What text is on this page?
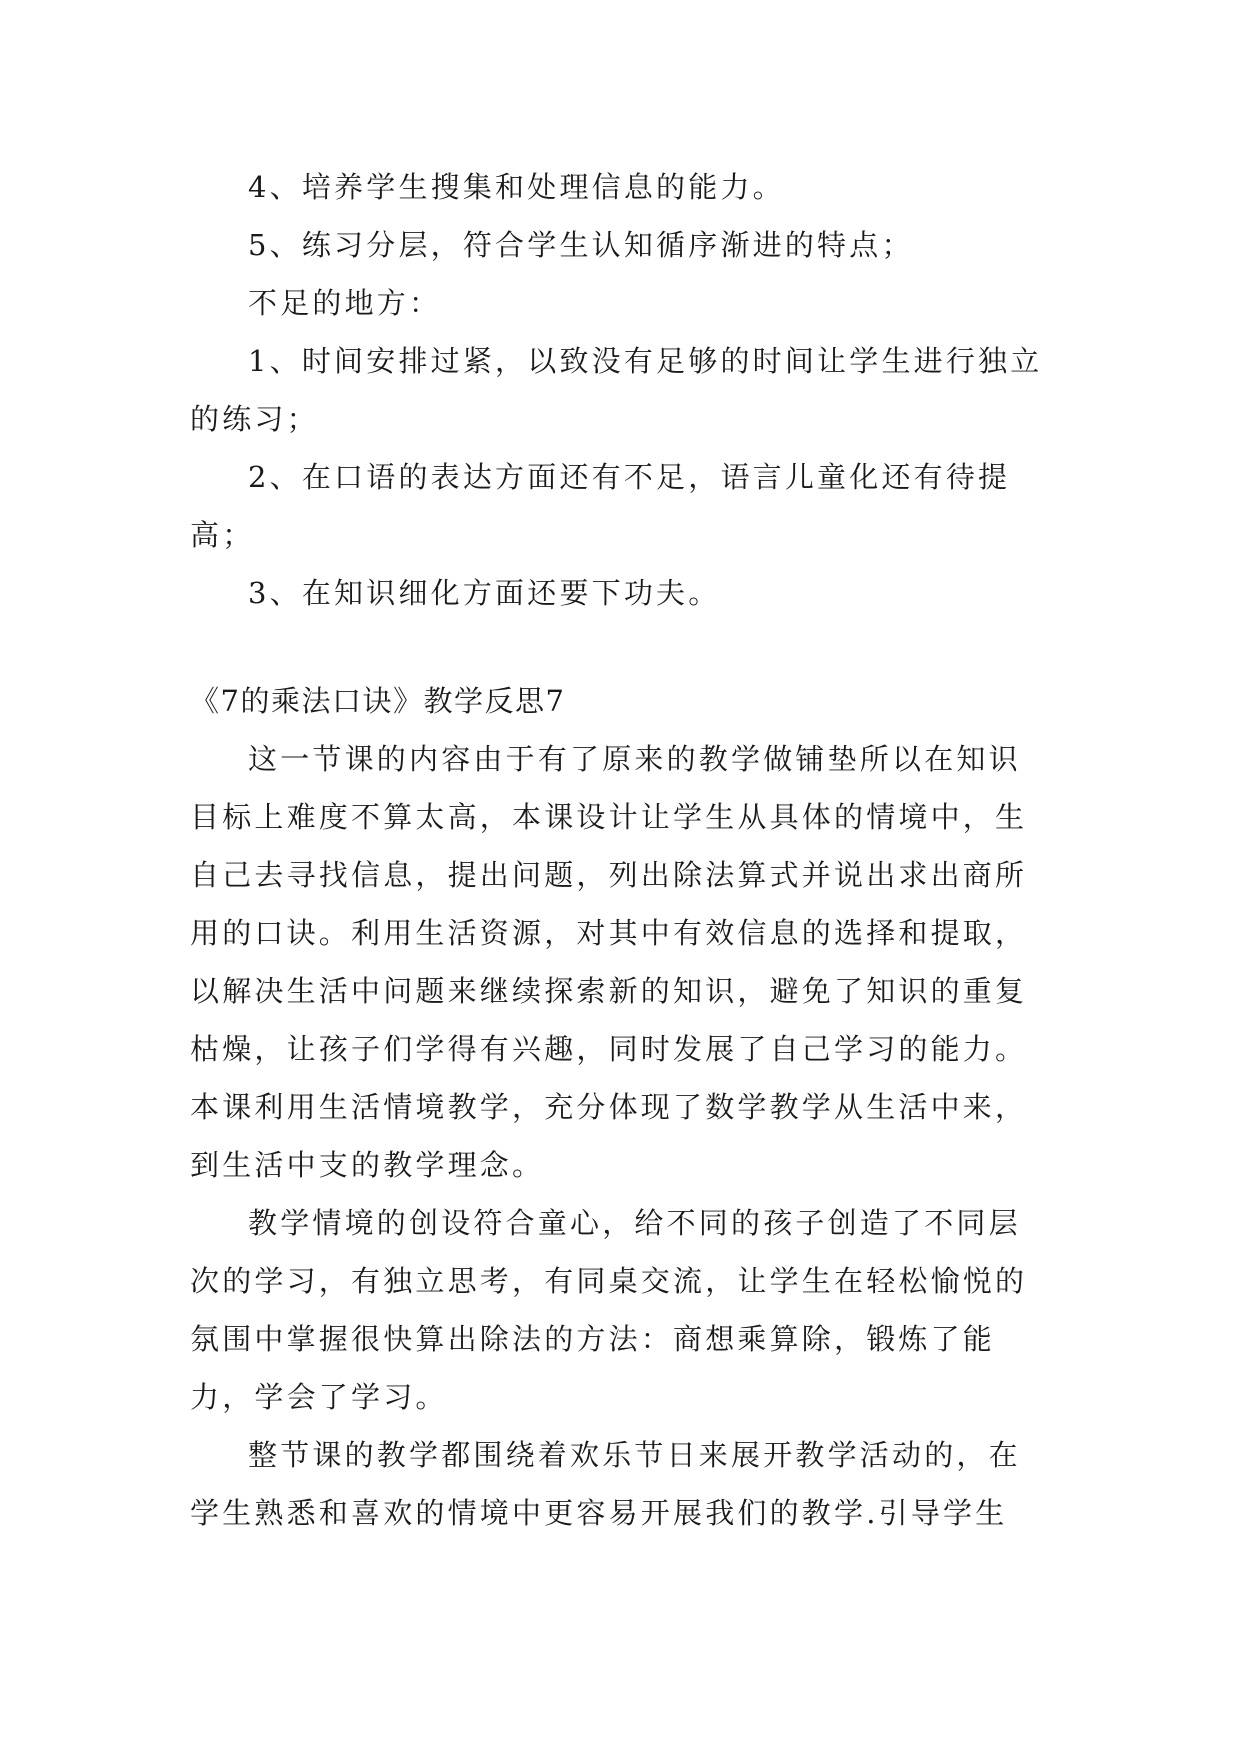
4、培养学生搜集和处理信息的能力。

5、练习分层，符合学生认知循序渐进的特点；

不足的地方：

1、时间安排过紧，以致没有足够的时间让学生进行独立的练习；

2、在口语的表达方面还有不足，语言儿童化还有待提高；

3、在知识细化方面还要下功夫。

《7的乘法口诀》教学反思7

这一节课的内容由于有了原来的教学做铺垫所以在知识目标上难度不算太高，本课设计让学生从具体的情境中，生自己去寻找信息，提出问题，列出除法算式并说出求出商所用的口诀。利用生活资源，对其中有效信息的选择和提取，以解决生活中问题来继续探索新的知识，避免了知识的重复枯燥，让孩子们学得有兴趣，同时发展了自己学习的能力。本课利用生活情境教学，充分体现了数学教学从生活中来，到生活中支的教学理念。

教学情境的创设符合童心，给不同的孩子创造了不同层次的学习，有独立思考，有同桌交流，让学生在轻松愉悦的氛围中掌握很快算出除法的方法：商想乘算除，锻炼了能力，学会了学习。

整节课的教学都围绕着欢乐节日来展开教学活动的，在学生熟悉和喜欢的情境中更容易开展我们的教学.引导学生
